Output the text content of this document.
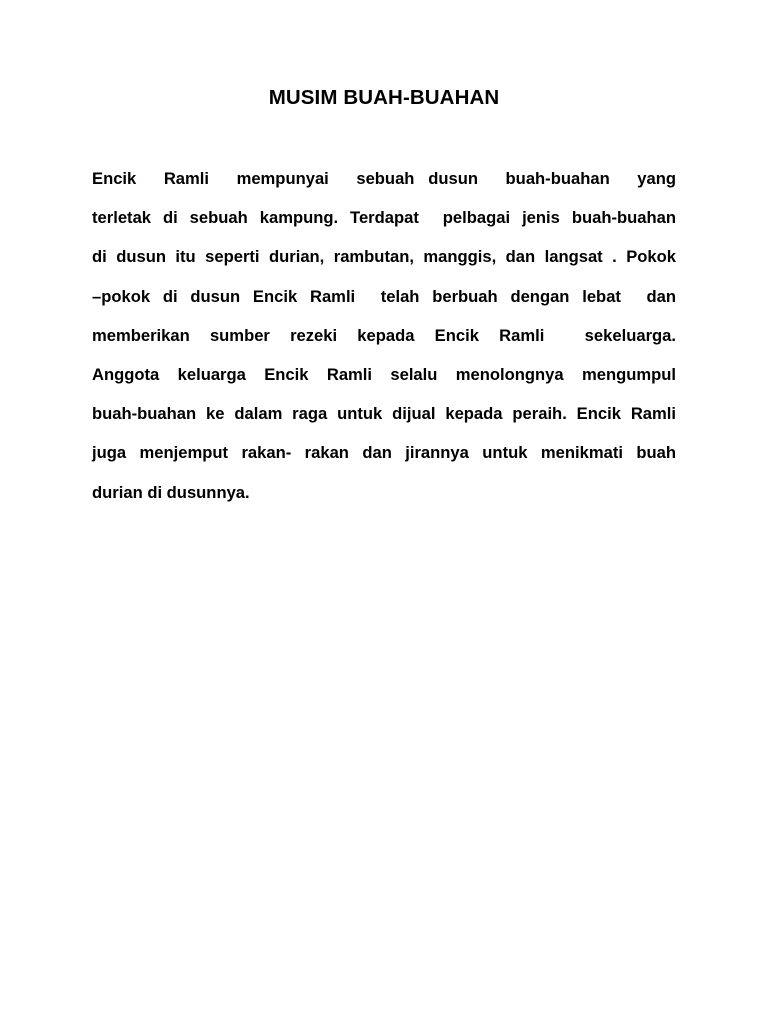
MUSIM BUAH-BUAHAN
Encik  Ramli  mempunyai  sebuah dusun  buah-buahan  yang
terletak di sebuah kampung. Terdapat  pelbagai jenis buah-buahan
di dusun itu seperti durian, rambutan, manggis, dan langsat . Pokok
–pokok di dusun Encik Ramli  telah berbuah dengan lebat  dan
memberikan sumber rezeki kepada Encik Ramli  sekeluarga.
Anggota keluarga Encik Ramli selalu menolongnya mengumpul
buah-buahan ke dalam raga untuk dijual kepada peraih. Encik Ramli
juga menjemput rakan- rakan dan jirannya untuk menikmati buah
durian di dusunnya.
